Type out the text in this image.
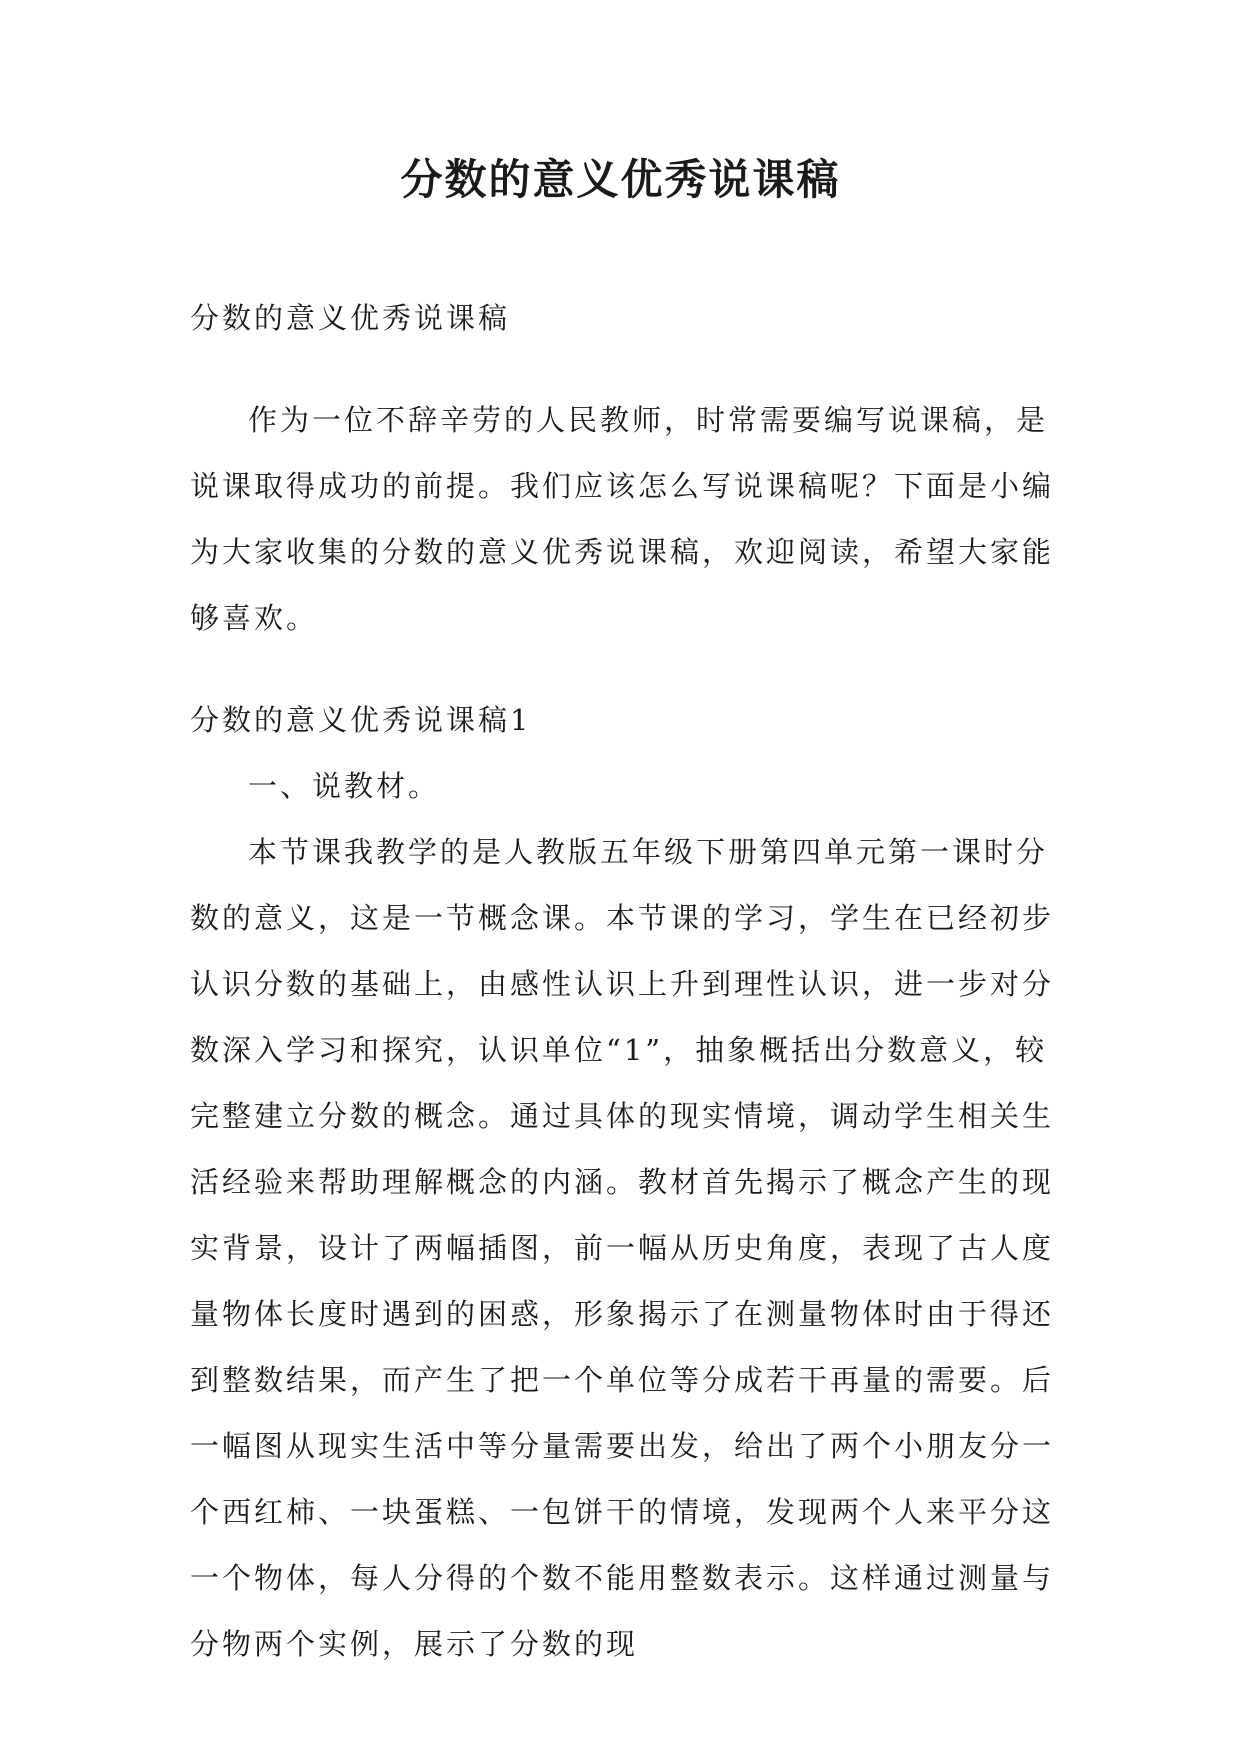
分数的意义优秀说课稿

分数的意义优秀说课稿

作为一位不辞辛劳的人民教师，时常需要编写说课稿，是说课取得成功的前提。我们应该怎么写说课稿呢？下面是小编为大家收集的分数的意义优秀说课稿，欢迎阅读，希望大家能够喜欢。

分数的意义优秀说课稿1

一、说教材。

本节课我教学的是人教版五年级下册第四单元第一课时分数的意义，这是一节概念课。本节课的学习，学生在已经初步认识分数的基础上，由感性认识上升到理性认识，进一步对分数深入学习和探究，认识单位“1”，抽象概括出分数意义，较完整建立分数的概念。通过具体的现实情境，调动学生相关生活经验来帮助理解概念的内涵。教材首先揭示了概念产生的现实背景，设计了两幅插图，前一幅从历史角度，表现了古人度量物体长度时遇到的困惑，形象揭示了在测量物体时由于得还到整数结果，而产生了把一个单位等分成若干再量的需要。后一幅图从现实生活中等分量需要出发，给出了两个小朋友分一个西红柿、一块蛋糕、一包饼干的情境，发现两个人来平分这一个物体，每人分得的个数不能用整数表示。这样通过测量与分物两个实例，展示了分数的现
